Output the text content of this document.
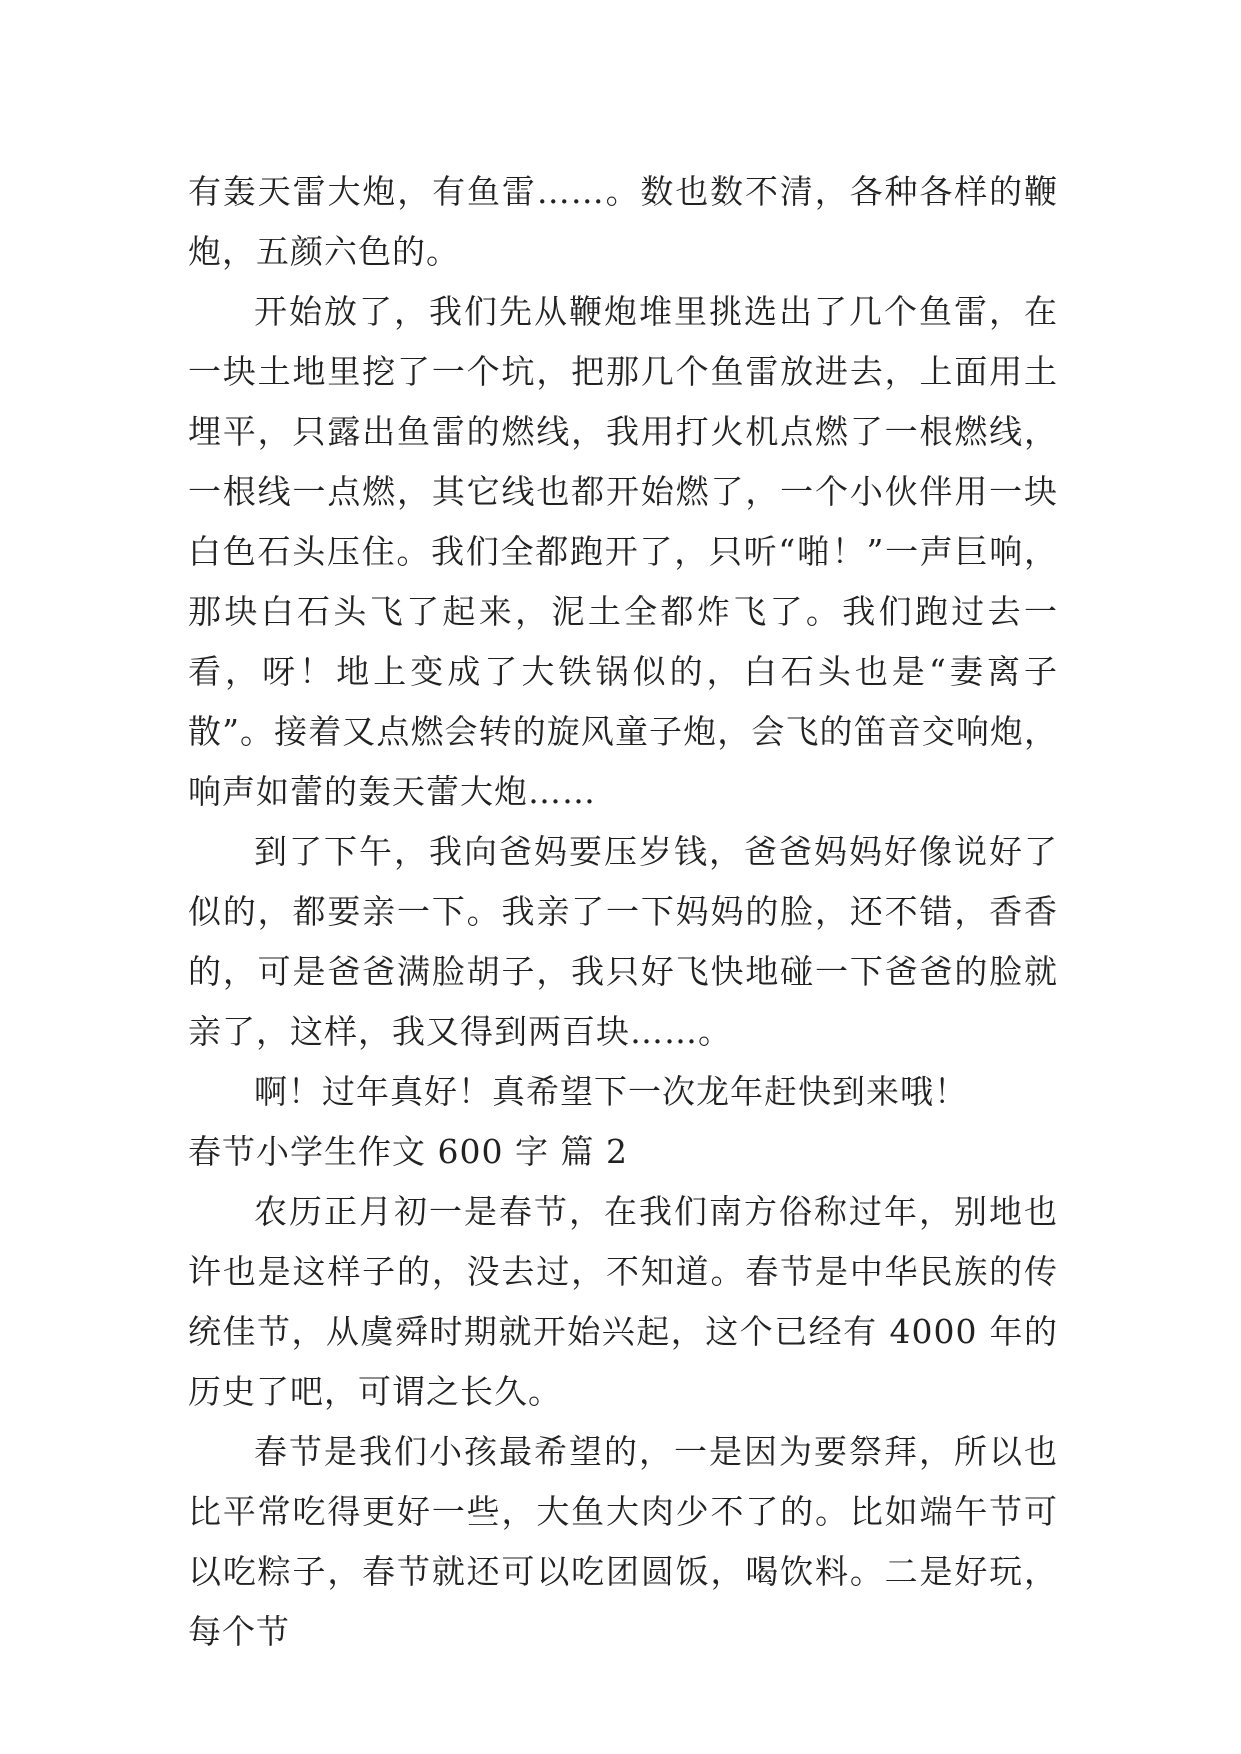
有轰天雷大炮，有鱼雷……。数也数不清，各种各样的鞭炮，五颜六色的。

开始放了，我们先从鞭炮堆里挑选出了几个鱼雷，在一块土地里挖了一个坑，把那几个鱼雷放进去，上面用土埋平，只露出鱼雷的燃线，我用打火机点燃了一根燃线，一根线一点燃，其它线也都开始燃了，一个小伙伴用一块白色石头压住。我们全都跑开了，只听“啪！”一声巨响，那块白石头飞了起来，泥土全都炸飞了。我们跑过去一看，呀！地上变成了大铁锅似的，白石头也是“妻离子散”。接着又点燃会转的旋风童子炮，会飞的笛音交响炮，响声如蕾的轰天蕾大炮……

到了下午，我向爸妈要压岁钱，爸爸妈妈好像说好了似的，都要亲一下。我亲了一下妈妈的脸，还不错，香香的，可是爸爸满脸胡子，我只好飞快地碰一下爸爸的脸就亲了，这样，我又得到两百块……。

啊！过年真好！真希望下一次龙年赶快到来哦！

春节小学生作文 600 字 篇 2

农历正月初一是春节，在我们南方俗称过年，别地也许也是这样子的，没去过，不知道。春节是中华民族的传统佳节，从虞舜时期就开始兴起，这个已经有 4000 年的历史了吧，可谓之长久。

春节是我们小孩最希望的，一是因为要祭拜，所以也比平常吃得更好一些，大鱼大肉少不了的。比如端午节可以吃粽子，春节就还可以吃团圆饭，喝饮料。二是好玩，每个节
